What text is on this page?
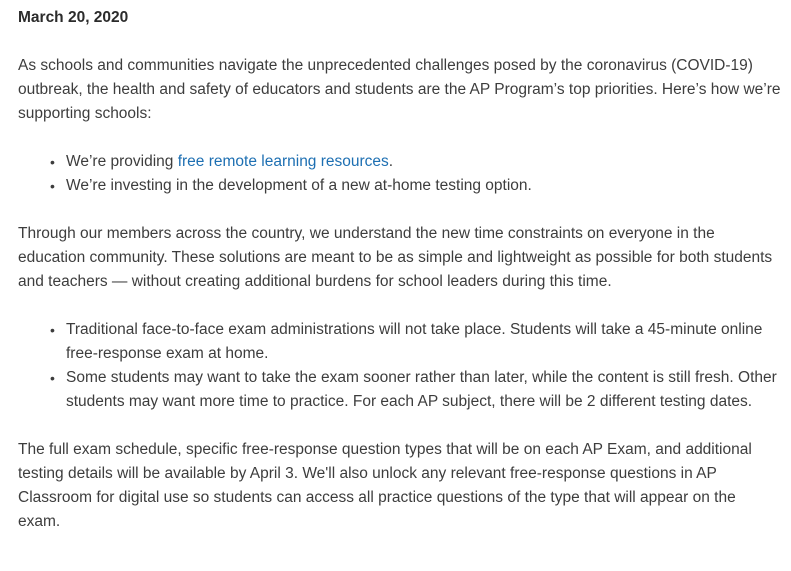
March 20, 2020

As schools and communities navigate the unprecedented challenges posed by the coronavirus (COVID-19) outbreak, the health and safety of educators and students are the AP Program’s top priorities. Here’s how we’re supporting schools:

• We’re providing free remote learning resources.
• We’re investing in the development of a new at-home testing option.

Through our members across the country, we understand the new time constraints on everyone in the education community. These solutions are meant to be as simple and lightweight as possible for both students and teachers — without creating additional burdens for school leaders during this time.

• Traditional face-to-face exam administrations will not take place. Students will take a 45-minute online free-response exam at home.
• Some students may want to take the exam sooner rather than later, while the content is still fresh. Other students may want more time to practice. For each AP subject, there will be 2 different testing dates.

The full exam schedule, specific free-response question types that will be on each AP Exam, and additional testing details will be available by April 3. We'll also unlock any relevant free-response questions in AP Classroom for digital use so students can access all practice questions of the type that will appear on the exam.
